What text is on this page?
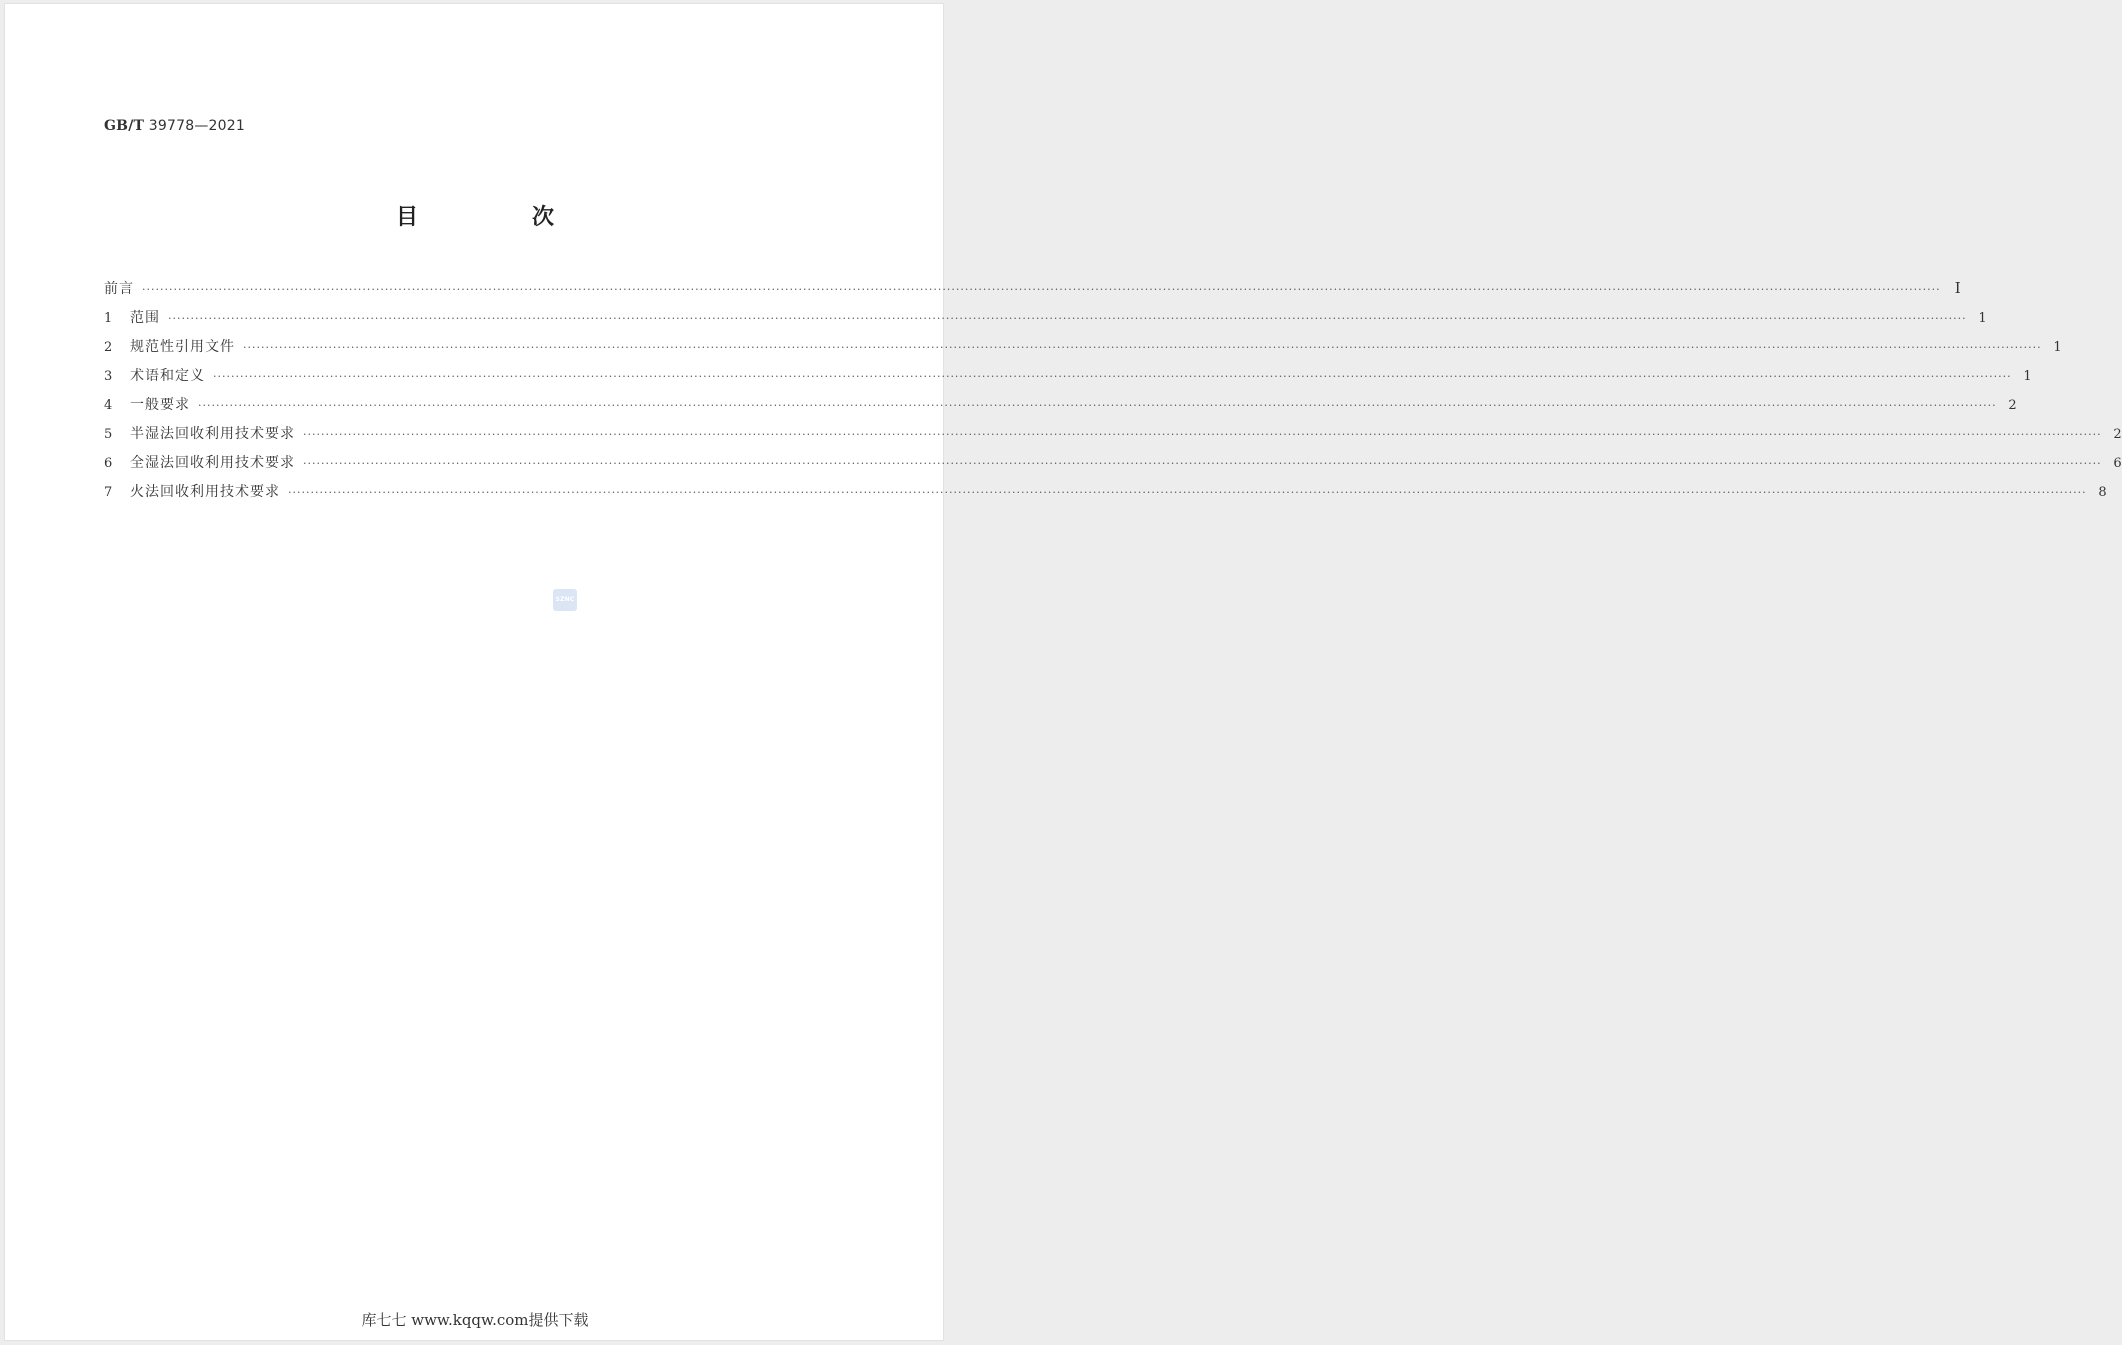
GB/T 39778—2021
目　次
前言 ················································································································································································································································································································································································································ I
1	范围 ················································································································································································································································································································································································································ 1
2	规范性引用文件 ················································································································································································································································································································································································································ 1
3	术语和定义 ················································································································································································································································································································································································································ 1
4	一般要求 ················································································································································································································································································································································································································ 2
5	半湿法回收利用技术要求 ················································································································································································································································································································································································································ 2
6	全湿法回收利用技术要求 ················································································································································································································································································································································································································ 6
7	火法回收利用技术要求 ················································································································································································································································································································································································································ 8
SZNC
库七七 www.kqqw.com提供下载
